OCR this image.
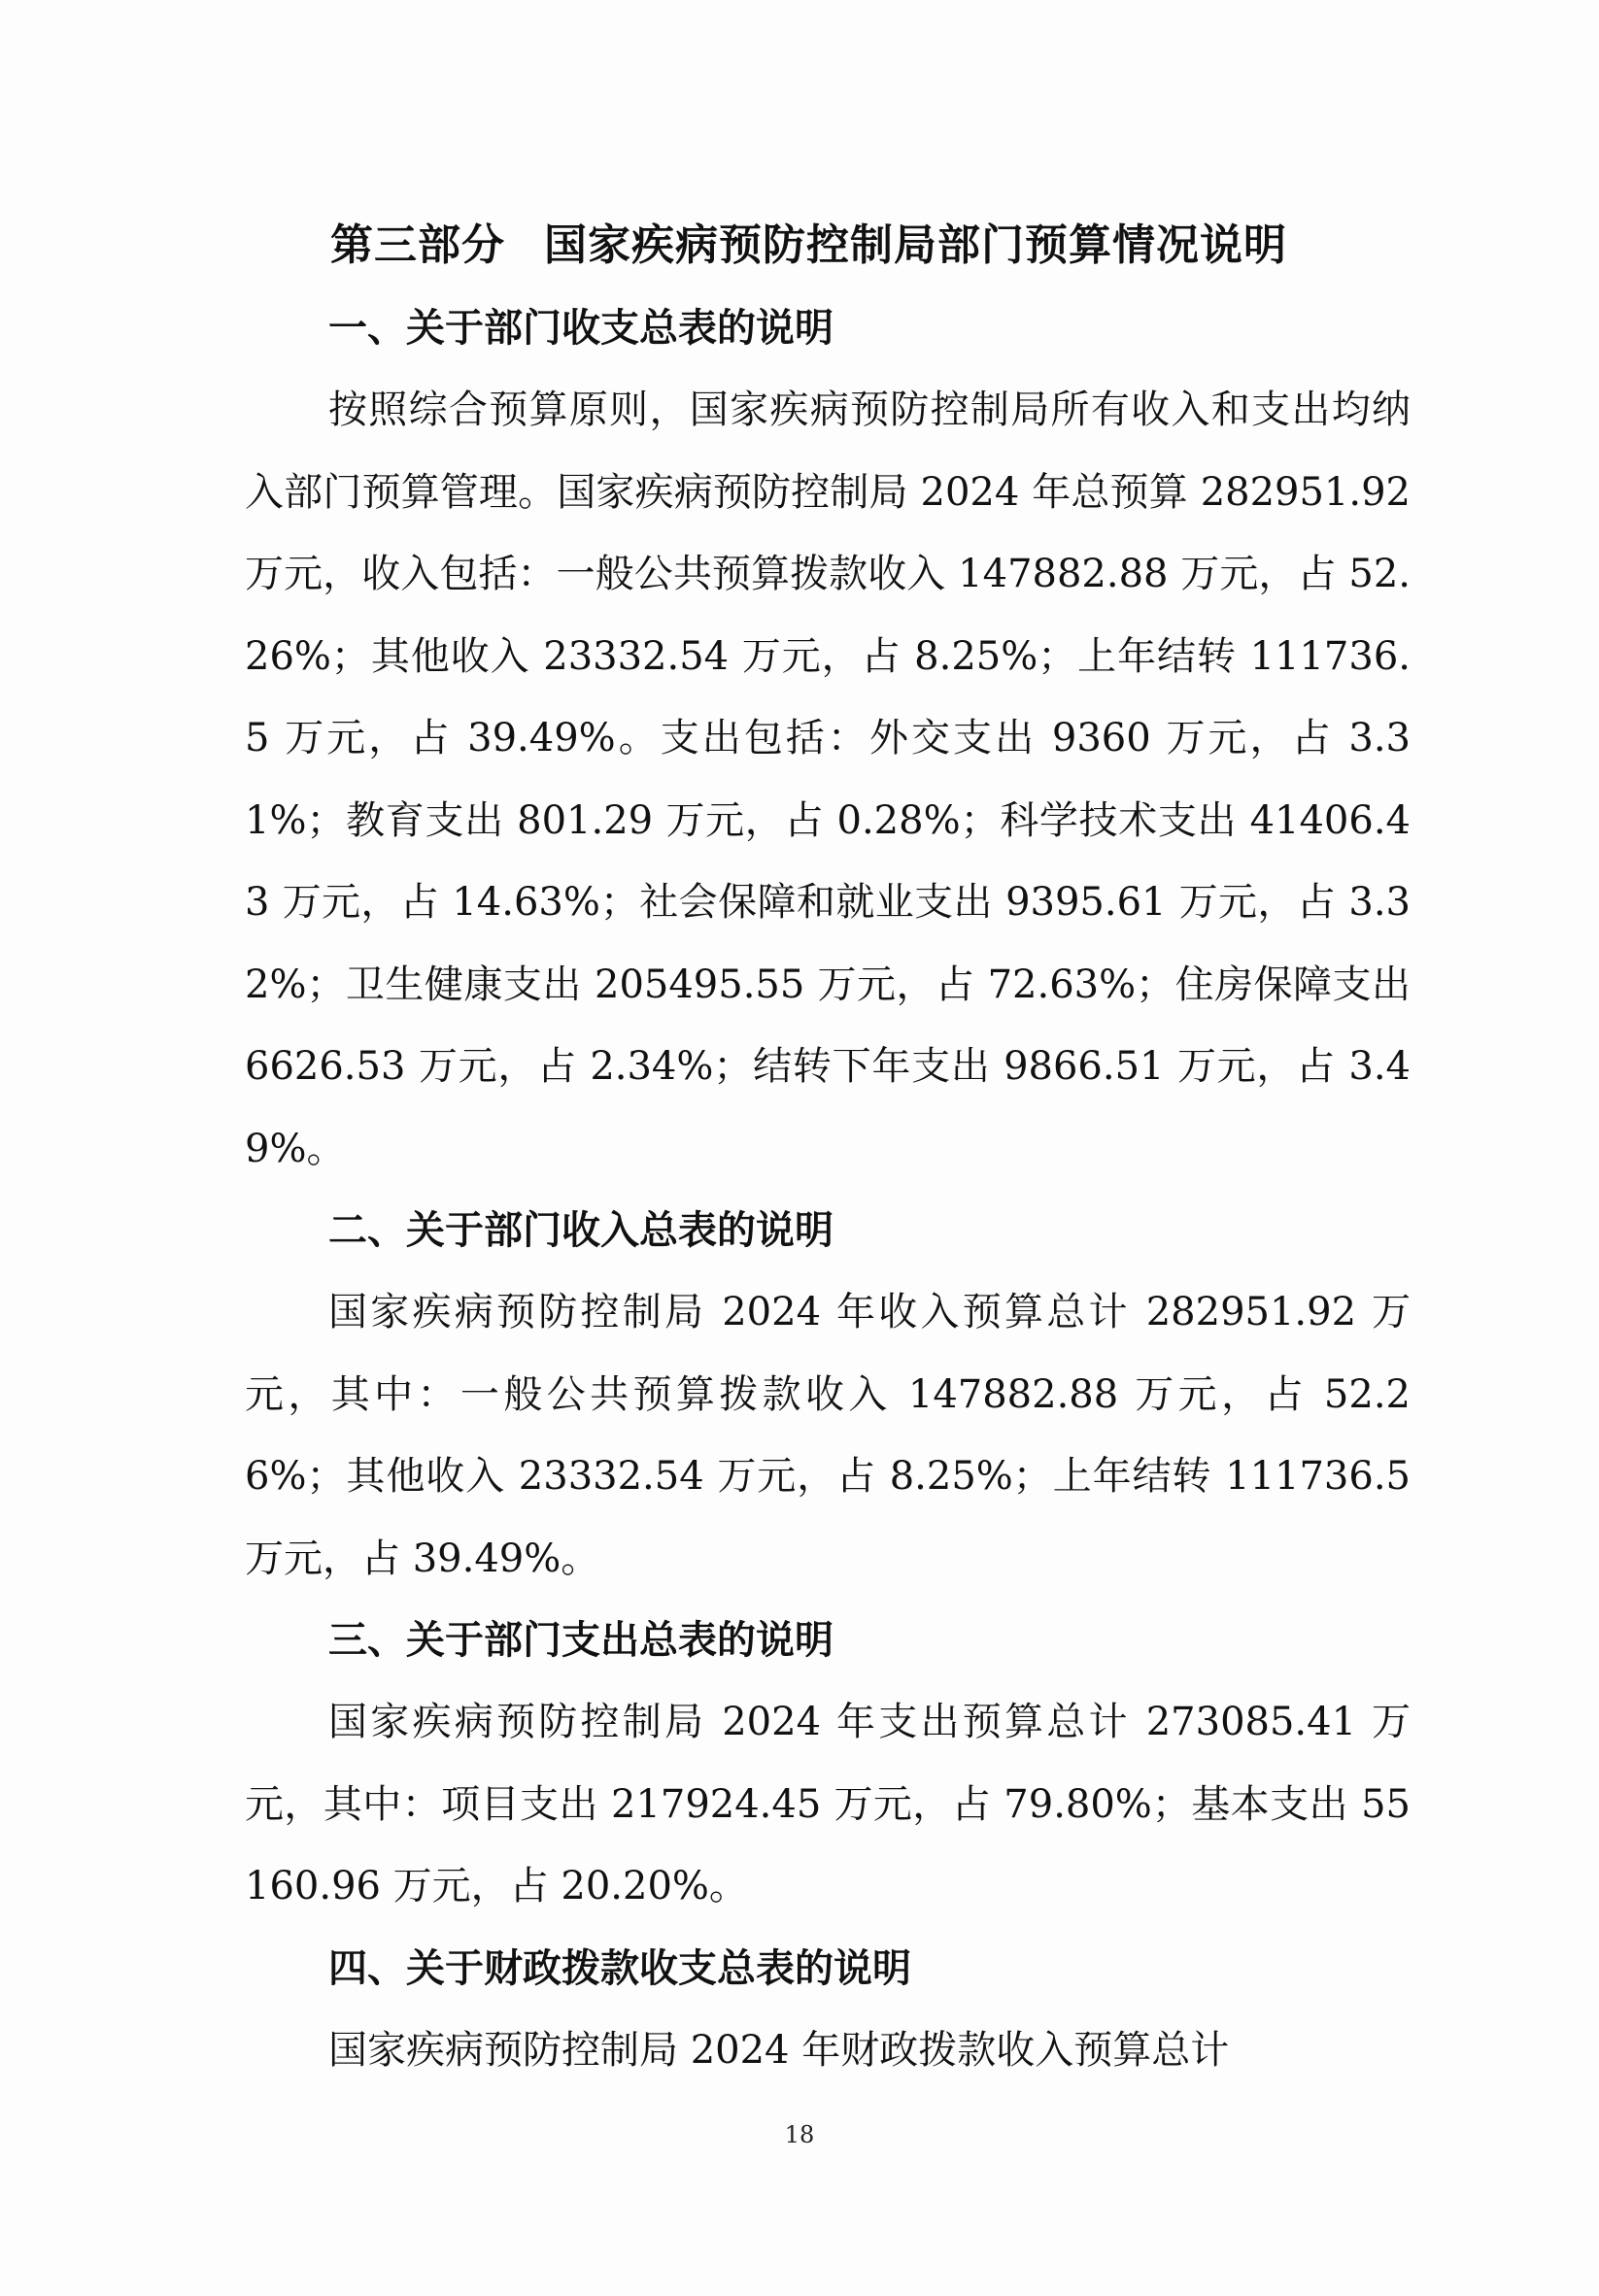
第三部分 国家疾病预防控制局部门预算情况说明
一、关于部门收支总表的说明

按照综合预算原则，国家疾病预防控制局所有收入和支出均纳入部门预算管理。国家疾病预防控制局 2024 年总预算 282951.92 万元，收入包括：一般公共预算拨款收入 147882.88 万元，占 52.26%；其他收入 23332.54 万元，占 8.25%；上年结转 111736.5 万元，占 39.49%。支出包括：外交支出 9360 万元，占 3.31%；教育支出 801.29 万元，占 0.28%；科学技术支出 41406.43 万元，占 14.63%；社会保障和就业支出 9395.61 万元，占 3.32%；卫生健康支出 205495.55 万元，占 72.63%；住房保障支出 6626.53 万元，占 2.34%；结转下年支出 9866.51 万元，占 3.49%。

二、关于部门收入总表的说明

国家疾病预防控制局 2024 年收入预算总计 282951.92 万元，其中：一般公共预算拨款收入 147882.88 万元，占 52.26%；其他收入 23332.54 万元，占 8.25%；上年结转 111736.5 万元，占 39.49%。

三、关于部门支出总表的说明

国家疾病预防控制局 2024 年支出预算总计 273085.41 万元，其中：项目支出 217924.45 万元，占 79.80%；基本支出 55160.96 万元，占 20.20%。

四、关于财政拨款收支总表的说明

国家疾病预防控制局 2024 年财政拨款收入预算总计

18
